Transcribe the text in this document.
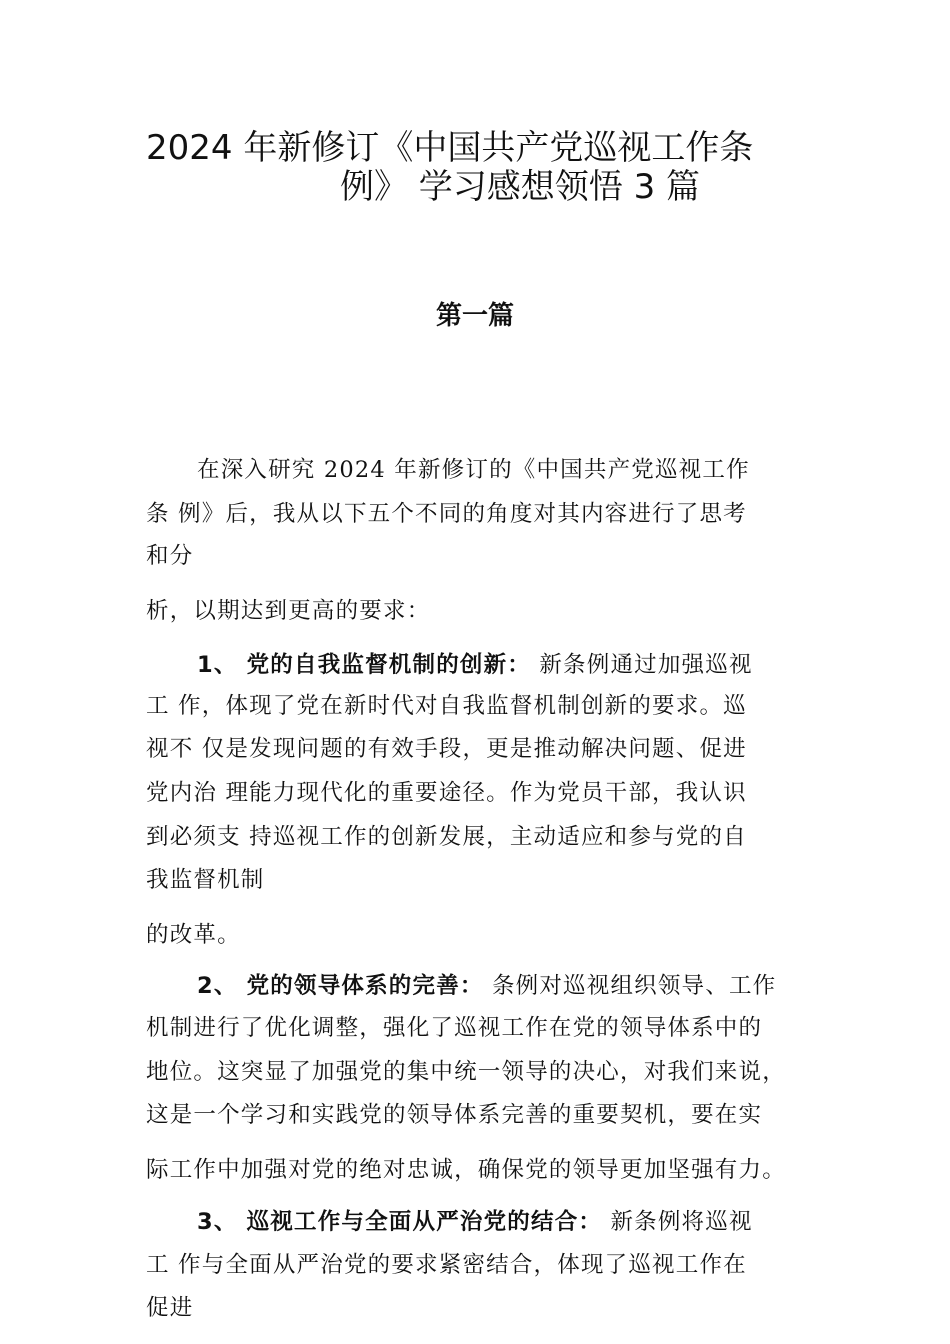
2024 年新修订《中国共产党巡视工作条
例》 学习感想领悟 3 篇
第一篇
在深入研究 2024 年新修订的《中国共产党巡视工作
条 例》后，我从以下五个不同的角度对其内容进行了思考
和分
析，以期达到更高的要求：
1、 党的自我监督机制的创新： 新条例通过加强巡视
工 作，体现了党在新时代对自我监督机制创新的要求。巡
视不 仅是发现问题的有效手段，更是推动解决问题、促进
党内治 理能力现代化的重要途径。作为党员干部，我认识
到必须支 持巡视工作的创新发展，主动适应和参与党的自
我监督机制
的改革。
2、 党的领导体系的完善： 条例对巡视组织领导、工作
机制进行了优化调整，强化了巡视工作在党的领导体系中的
地位。这突显了加强党的集中统一领导的决心，对我们来说，
这是一个学习和实践党的领导体系完善的重要契机，要在实
际工作中加强对党的绝对忠诚，确保党的领导更加坚强有力。
3、 巡视工作与全面从严治党的结合： 新条例将巡视
工 作与全面从严治党的要求紧密结合，体现了巡视工作在
促进
